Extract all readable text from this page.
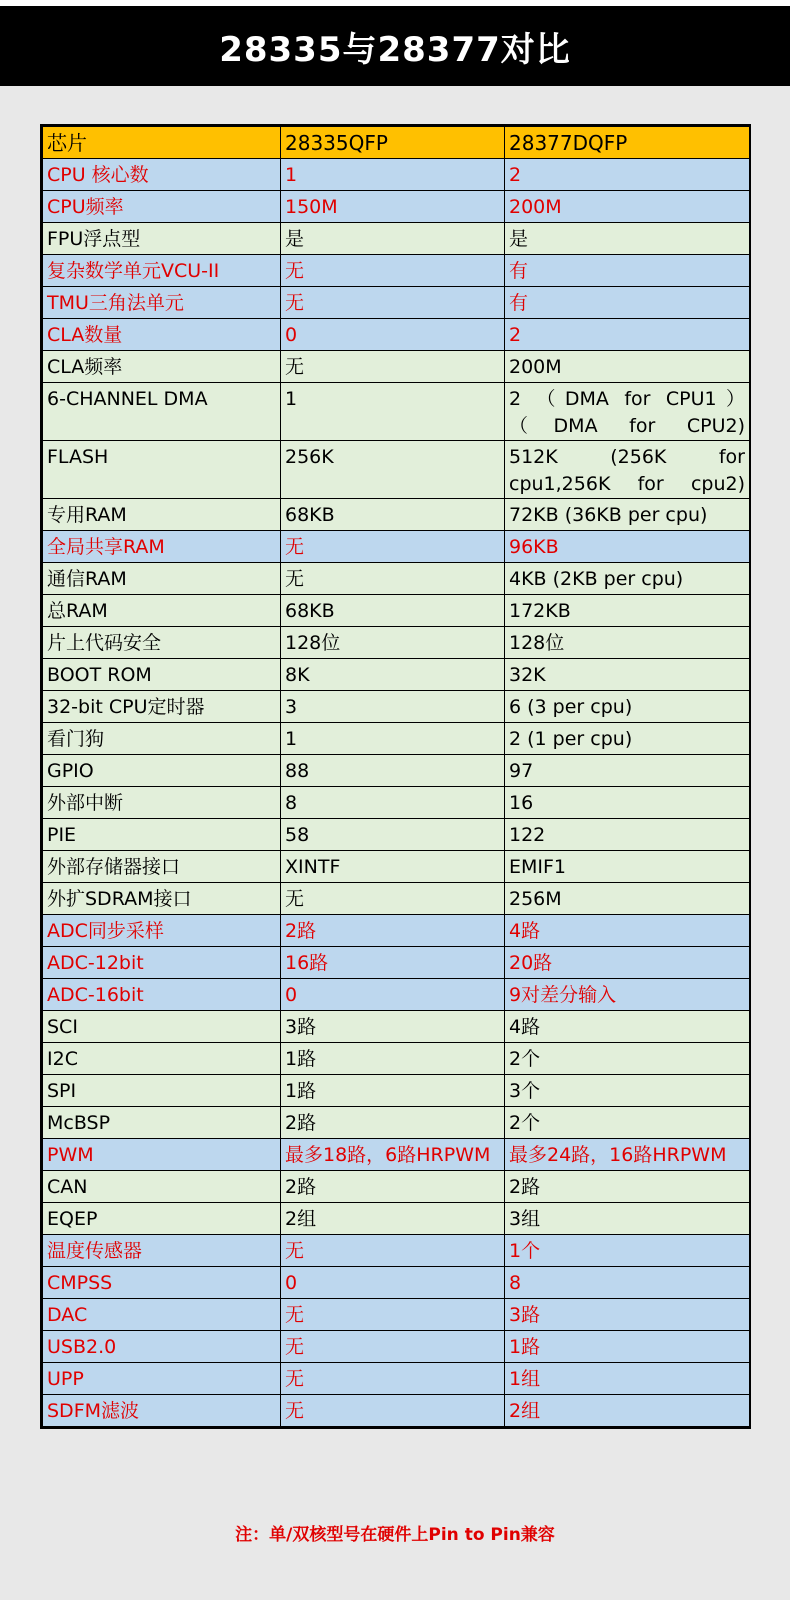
28335与28377对比
芯片	28335QFP	28377DQFP
CPU 核心数	1	2
CPU频率	150M	200M
FPU浮点型	是	是
复杂数学单元VCU-II	无	有
TMU三角法单元	无	有
CLA数量	0	2
CLA频率	无	200M
6-CHANNEL DMA	1	2 （DMA for CPU1）（DMA for CPU2)
FLASH	256K	512K (256K for cpu1,256K for cpu2)
专用RAM	68KB	72KB (36KB per cpu)
全局共享RAM	无	96KB
通信RAM	无	4KB (2KB per cpu)
总RAM	68KB	172KB
片上代码安全	128位	128位
BOOT ROM	8K	32K
32-bit CPU定时器	3	6 (3 per cpu)
看门狗	1	2 (1 per cpu)
GPIO	88	97
外部中断	8	16
PIE	58	122
外部存储器接口	XINTF	EMIF1
外扩SDRAM接口	无	256M
ADC同步采样	2路	4路
ADC-12bit	16路	20路
ADC-16bit	0	9对差分输入
SCI	3路	4路
I2C	1路	2个
SPI	1路	3个
McBSP	2路	2个
PWM	最多18路，6路HRPWM	最多24路，16路HRPWM
CAN	2路	2路
EQEP	2组	3组
温度传感器	无	1个
CMPSS	0	8
DAC	无	3路
USB2.0	无	1路
UPP	无	1组
SDFM滤波	无	2组
注：单/双核型号在硬件上Pin to Pin兼容
